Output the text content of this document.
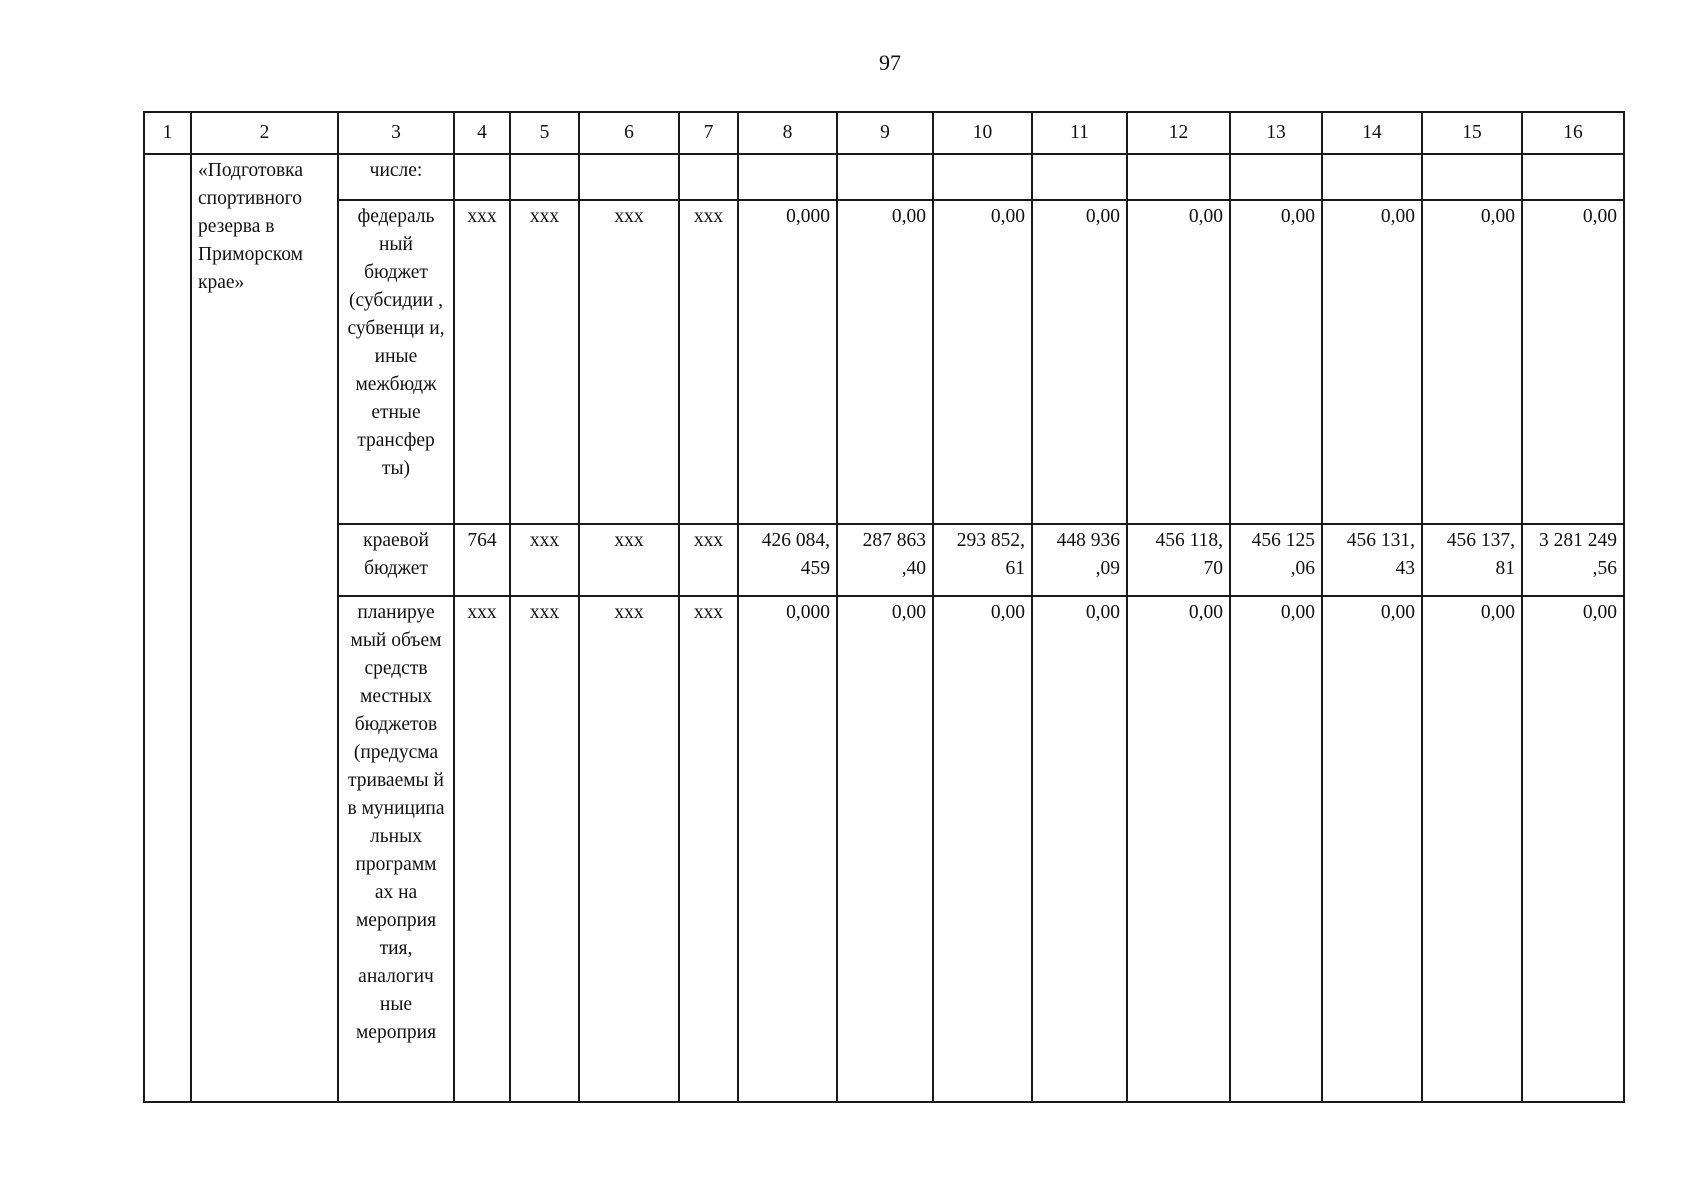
97
1	2	3	4	5	6	7	8	9	10	11	12	13	14	15	16
	«Подготовка спортивного резерва в Приморском крае»	числе:													
		федераль ный бюджет (субсидии , субвенци и, иные межбюдж етные трансфер ты)	xxx	xxx	xxx	xxx	0,000	0,00	0,00	0,00	0,00	0,00	0,00	0,00	0,00
		краевой бюджет	764	xxx	xxx	xxx	426 084, 459	287 863 ,40	293 852, 61	448 936 ,09	456 118, 70	456 125 ,06	456 131, 43	456 137, 81	3 281 249 ,56
		планируе мый объем средств местных бюджетов (предусма триваемы й в муниципа льных программ ах на мероприя тия, аналогич ные мероприя	xxx	xxx	xxx	xxx	0,000	0,00	0,00	0,00	0,00	0,00	0,00	0,00	0,00
